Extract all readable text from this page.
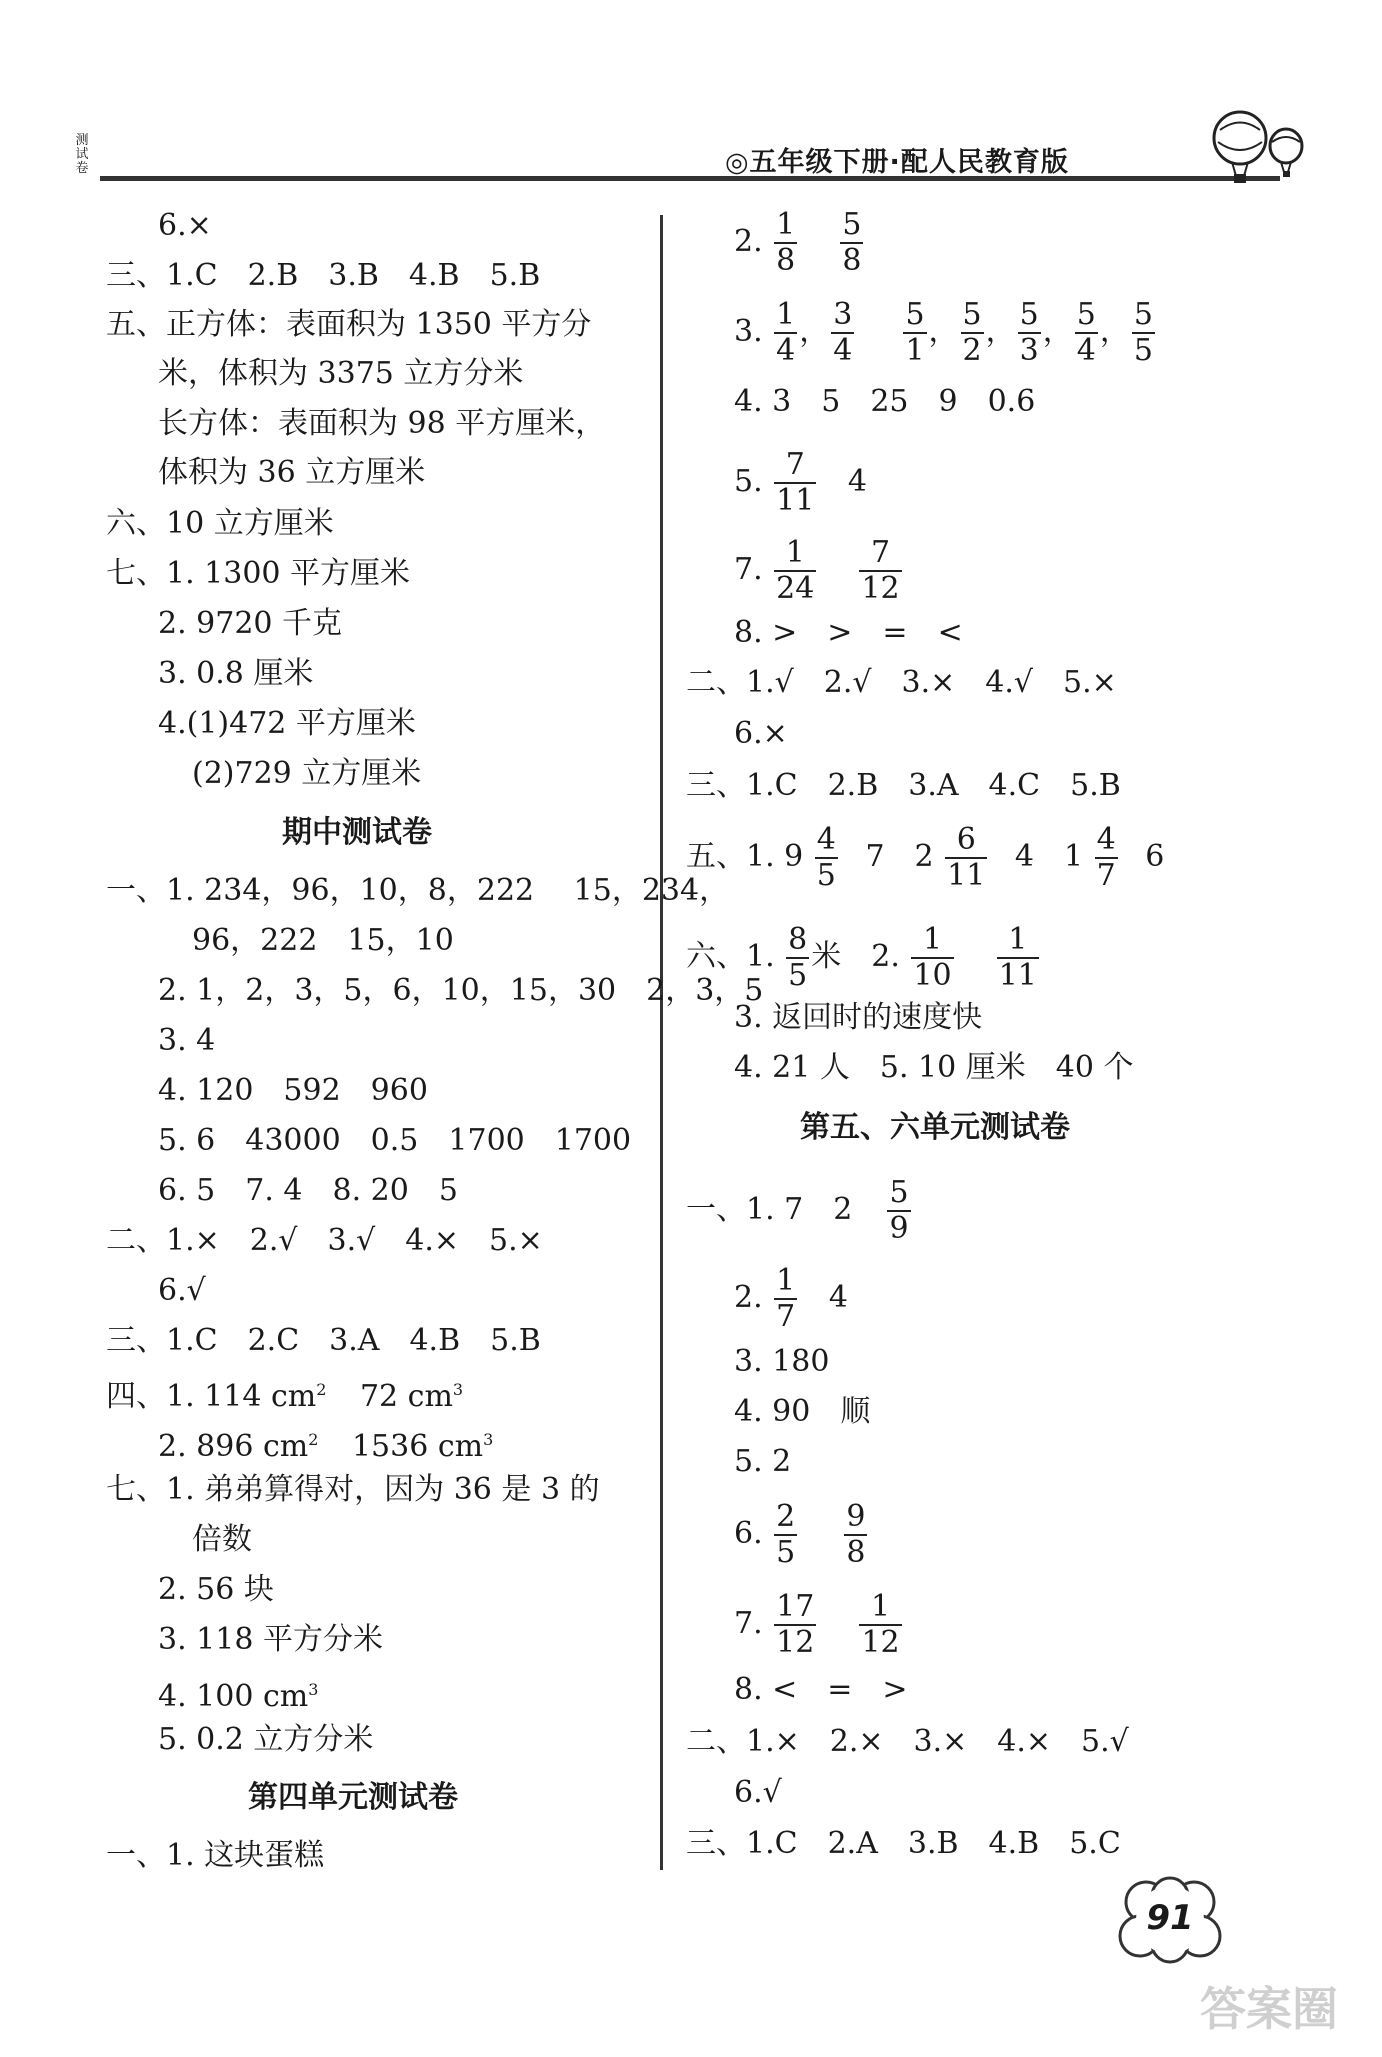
测试卷	◎五年级下册·配人民教育版
6.×
三、1.C　2.B　3.B　4.B　5.B
五、正方体：表面积为 1350 平方分
米，体积为 3375 立方分米
长方体：表面积为 98 平方厘米，
体积为 36 立方厘米
六、10 立方厘米
七、1. 1300 平方厘米
2. 9720 千克
3. 0.8 厘米
4.(1)472 平方厘米
(2)729 立方厘米
期中测试卷
一、1. 234，96，10，8，222　 15，234，
96，222　15，10
2. 1，2，3，5，6，10，15，30　2，3，5
3. 4
4. 120　592　960
5. 6　43000　0.5　1700　1700
6. 5　7. 4　8. 20　5
二、1.×　2.√　3.√　4.×　5.×
6.√
三、1.C　2.C　3.A　4.B　5.B
四、1. 114 $cm^2$ 72 $cm^3$
2. 896 $cm^2$ 1536 $cm^3$
七、1. 弟弟算得对，因为 36 是 3 的
倍数
2. 56 块
3. 118 平方分米
4. 100 $cm^3$
5. 0.2 立方分米
第四单元测试卷
一、1. 这块蛋糕
2. $\frac{1}{8}$
$\frac{5}{8}$
3. $\frac{1}{4}$ ， $\frac{3}{4}$
$\frac{5}{1}$ ， $\frac{5}{2}$ ， $\frac{5}{3}$ ， $\frac{5}{4}$ ， $\frac{5}{5}$
4. 3　5　25　9　0.6
5. $\frac{7}{11} 4$
7. $\frac{1}{24}$
$\frac{7}{12}$
8. >　>　=　<
二、1.√　2.√　3.×　4.√　5.×
6.×
三、1.C　2.B　3.A　4.C　5.B
五、1. $9 \frac{4}{5} 7$　$2 \frac{6}{11} 4$　$1 \frac{4}{7} 6$
六、1. $\frac{8}{5}$ 米　2. $\frac{1}{10}$
$\frac{1}{11}$
3. 返回时的速度快
4. 21 人　5. 10 厘米　40 个
第五、六单元测试卷
一、1. 7　$2 \frac{5}{9}$
2. $\frac{1}{7} 4$
3. 180
4. 90　顺
5. 2
6. $\frac{2}{5}$
$\frac{9}{8}$
7. $\frac{17}{12}$
$\frac{1}{12}$
8. <　=　>
二、1.×　2.×　3.×　4.×　5.√
6.√
三、1.C　2.A　3.B　4.B　5.C
91
答案圈
